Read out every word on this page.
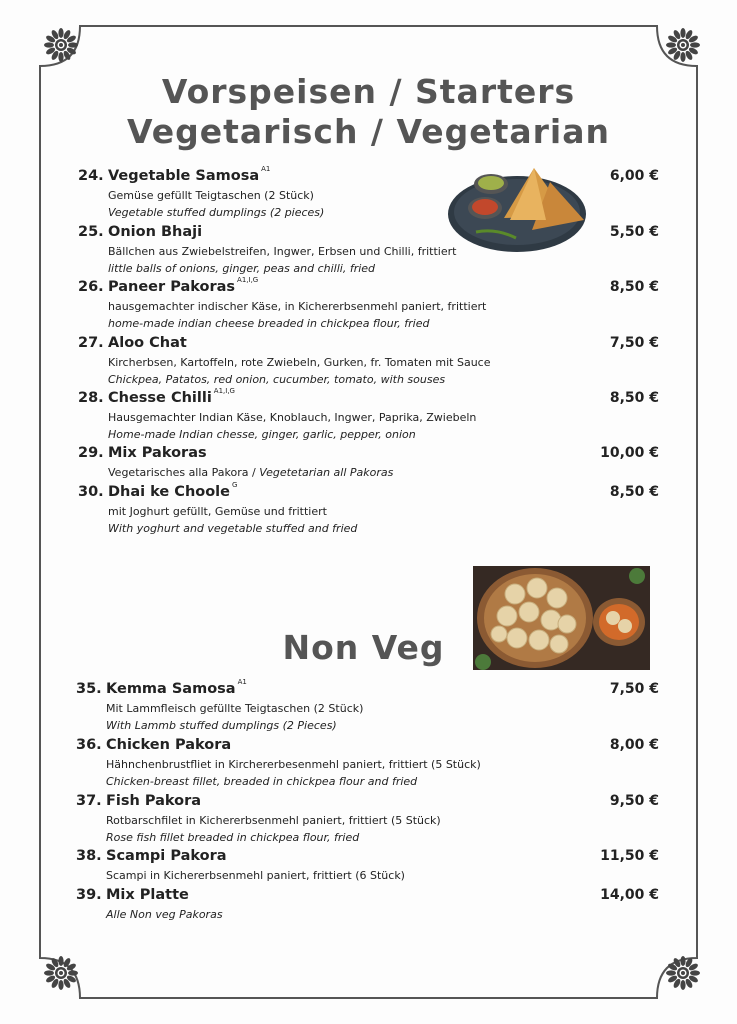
Vorspeisen / Starters
Vegetarisch / Vegetarian
Non Veg
24. Vegetable Samosa $^{A1}$	6,00 €
Gemüse gefüllt Teigtaschen (2 Stück)
Vegetable stuffed dumplings (2 pieces)
25. Onion Bhaji	5,50 €
Bällchen aus Zwiebelstreifen, Ingwer, Erbsen und Chilli, frittiert
little balls of onions, ginger, peas and chilli, fried
26. Paneer Pakoras $^{A1,I,G}$	8,50 €
hausgemachter indischer Käse, in Kichererbsenmehl paniert, frittiert
home-made indian cheese breaded in chickpea flour, fried
27. Aloo Chat	7,50 €
Kircherbsen, Kartoffeln, rote Zwiebeln, Gurken, fr. Tomaten mit Sauce
Chickpea, Patatos, red onion, cucumber, tomato, with souses
28. Chesse Chilli $^{A1,I,G}$	8,50 €
Hausgemachter Indian Käse, Knoblauch, Ingwer, Paprika, Zwiebeln
Home-made Indian chesse, ginger, garlic, pepper, onion
29. Mix Pakoras	10,00 €
Vegetarisches alla Pakora / Vegetetarian all Pakoras
30. Dhai ke Choole $^G$	8,50 €
mit Joghurt gefüllt, Gemüse und frittiert
With yoghurt and vegetable stuffed and fried
35. Kemma Samosa $^{A1}$	7,50 €
Mit Lammfleisch gefüllte Teigtaschen (2 Stück)
With Lammb stuffed dumplings (2 Pieces)
36. Chicken Pakora	8,00 €
Hähnchenbrustfliet in Kirchererbesenmehl paniert, frittiert (5 Stück)
Chicken-breast fillet, breaded in chickpea flour and fried
37. Fish Pakora	9,50 €
Rotbarschfilet in Kichererbsenmehl paniert, frittiert (5 Stück)
Rose fish fillet breaded in chickpea flour, fried
38. Scampi Pakora	11,50 €
Scampi in Kichererbsenmehl paniert, frittiert (6 Stück)
39. Mix Platte	14,00 €
Alle Non veg Pakoras
